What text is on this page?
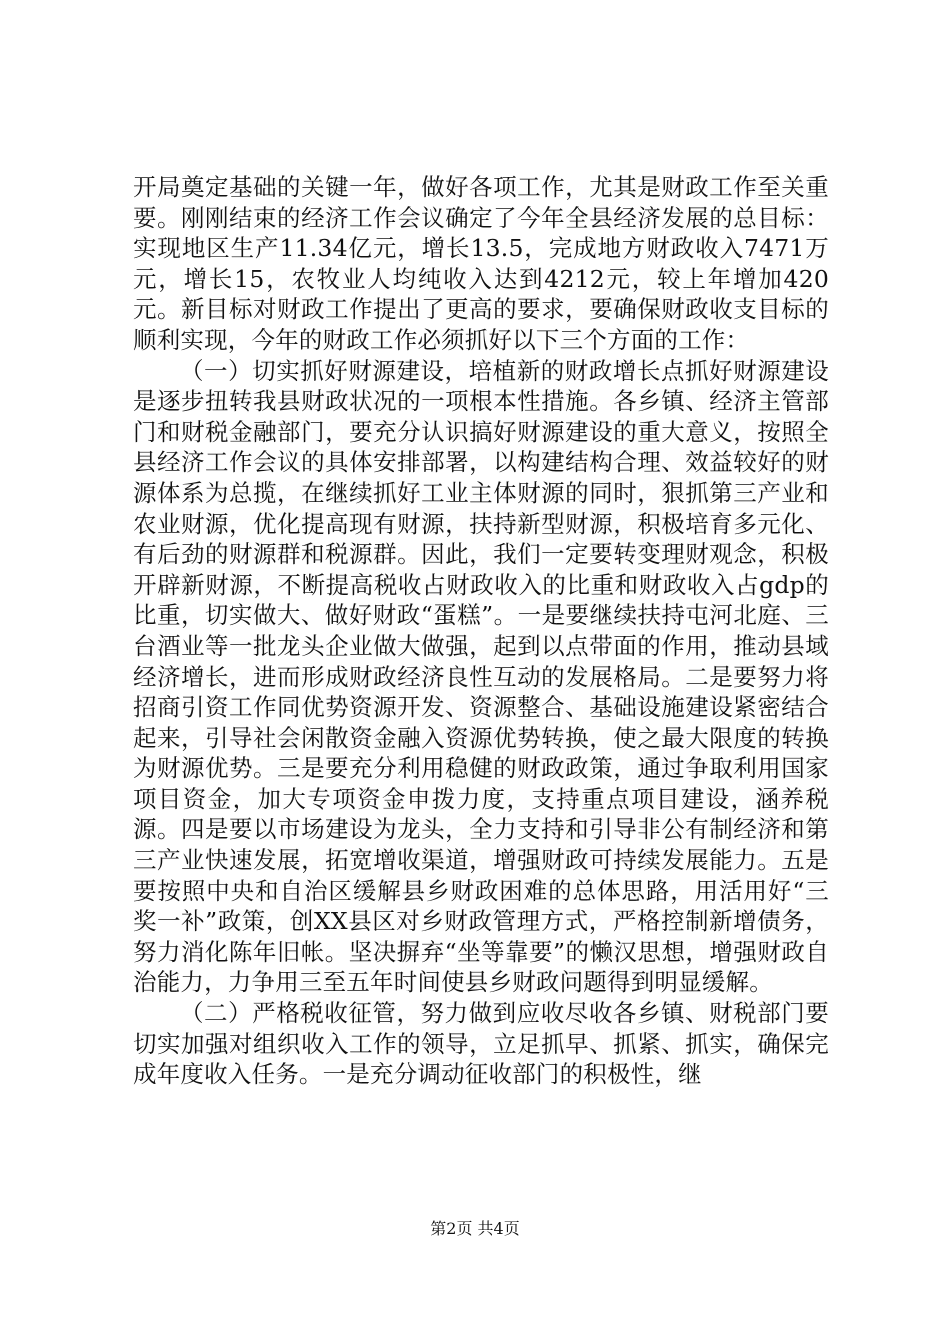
开局奠定基础的关键一年，做好各项工作，尤其是财政工作至关重要。刚刚结束的经济工作会议确定了今年全县经济发展的总目标：实现地区生产11.34亿元，增长13.5，完成地方财政收入7471万元，增长15，农牧业人均纯收入达到4212元，较上年增加420元。新目标对财政工作提出了更高的要求，要确保财政收支目标的顺利实现，今年的财政工作必须抓好以下三个方面的工作：

（一）切实抓好财源建设，培植新的财政增长点抓好财源建设是逐步扭转我县财政状况的一项根本性措施。各乡镇、经济主管部门和财税金融部门，要充分认识搞好财源建设的重大意义，按照全县经济工作会议的具体安排部署，以构建结构合理、效益较好的财源体系为总揽，在继续抓好工业主体财源的同时，狠抓第三产业和农业财源，优化提高现有财源，扶持新型财源，积极培育多元化、有后劲的财源群和税源群。因此，我们一定要转变理财观念，积极开辟新财源，不断提高税收占财政收入的比重和财政收入占gdp的比重，切实做大、做好财政“蛋糕”。一是要继续扶持屯河北庭、三台酒业等一批龙头企业做大做强，起到以点带面的作用，推动县域经济增长，进而形成财政经济良性互动的发展格局。二是要努力将招商引资工作同优势资源开发、资源整合、基础设施建设紧密结合起来，引导社会闲散资金融入资源优势转换，使之最大限度的转换为财源优势。三是要充分利用稳健的财政政策，通过争取利用国家项目资金，加大专项资金申拨力度，支持重点项目建设，涵养税源。四是要以市场建设为龙头，全力支持和引导非公有制经济和第三产业快速发展，拓宽增收渠道，增强财政可持续发展能力。五是要按照中央和自治区缓解县乡财政困难的总体思路，用活用好“三奖一补”政策，创XX县区对乡财政管理方式，严格控制新增债务，努力消化陈年旧帐。坚决摒弃“坐等靠要”的懒汉思想，增强财政自治能力，力争用三至五年时间使县乡财政问题得到明显缓解。

（二）严格税收征管，努力做到应收尽收各乡镇、财税部门要切实加强对组织收入工作的领导，立足抓早、抓紧、抓实，确保完成年度收入任务。一是充分调动征收部门的积极性，继

第2页 共4页
